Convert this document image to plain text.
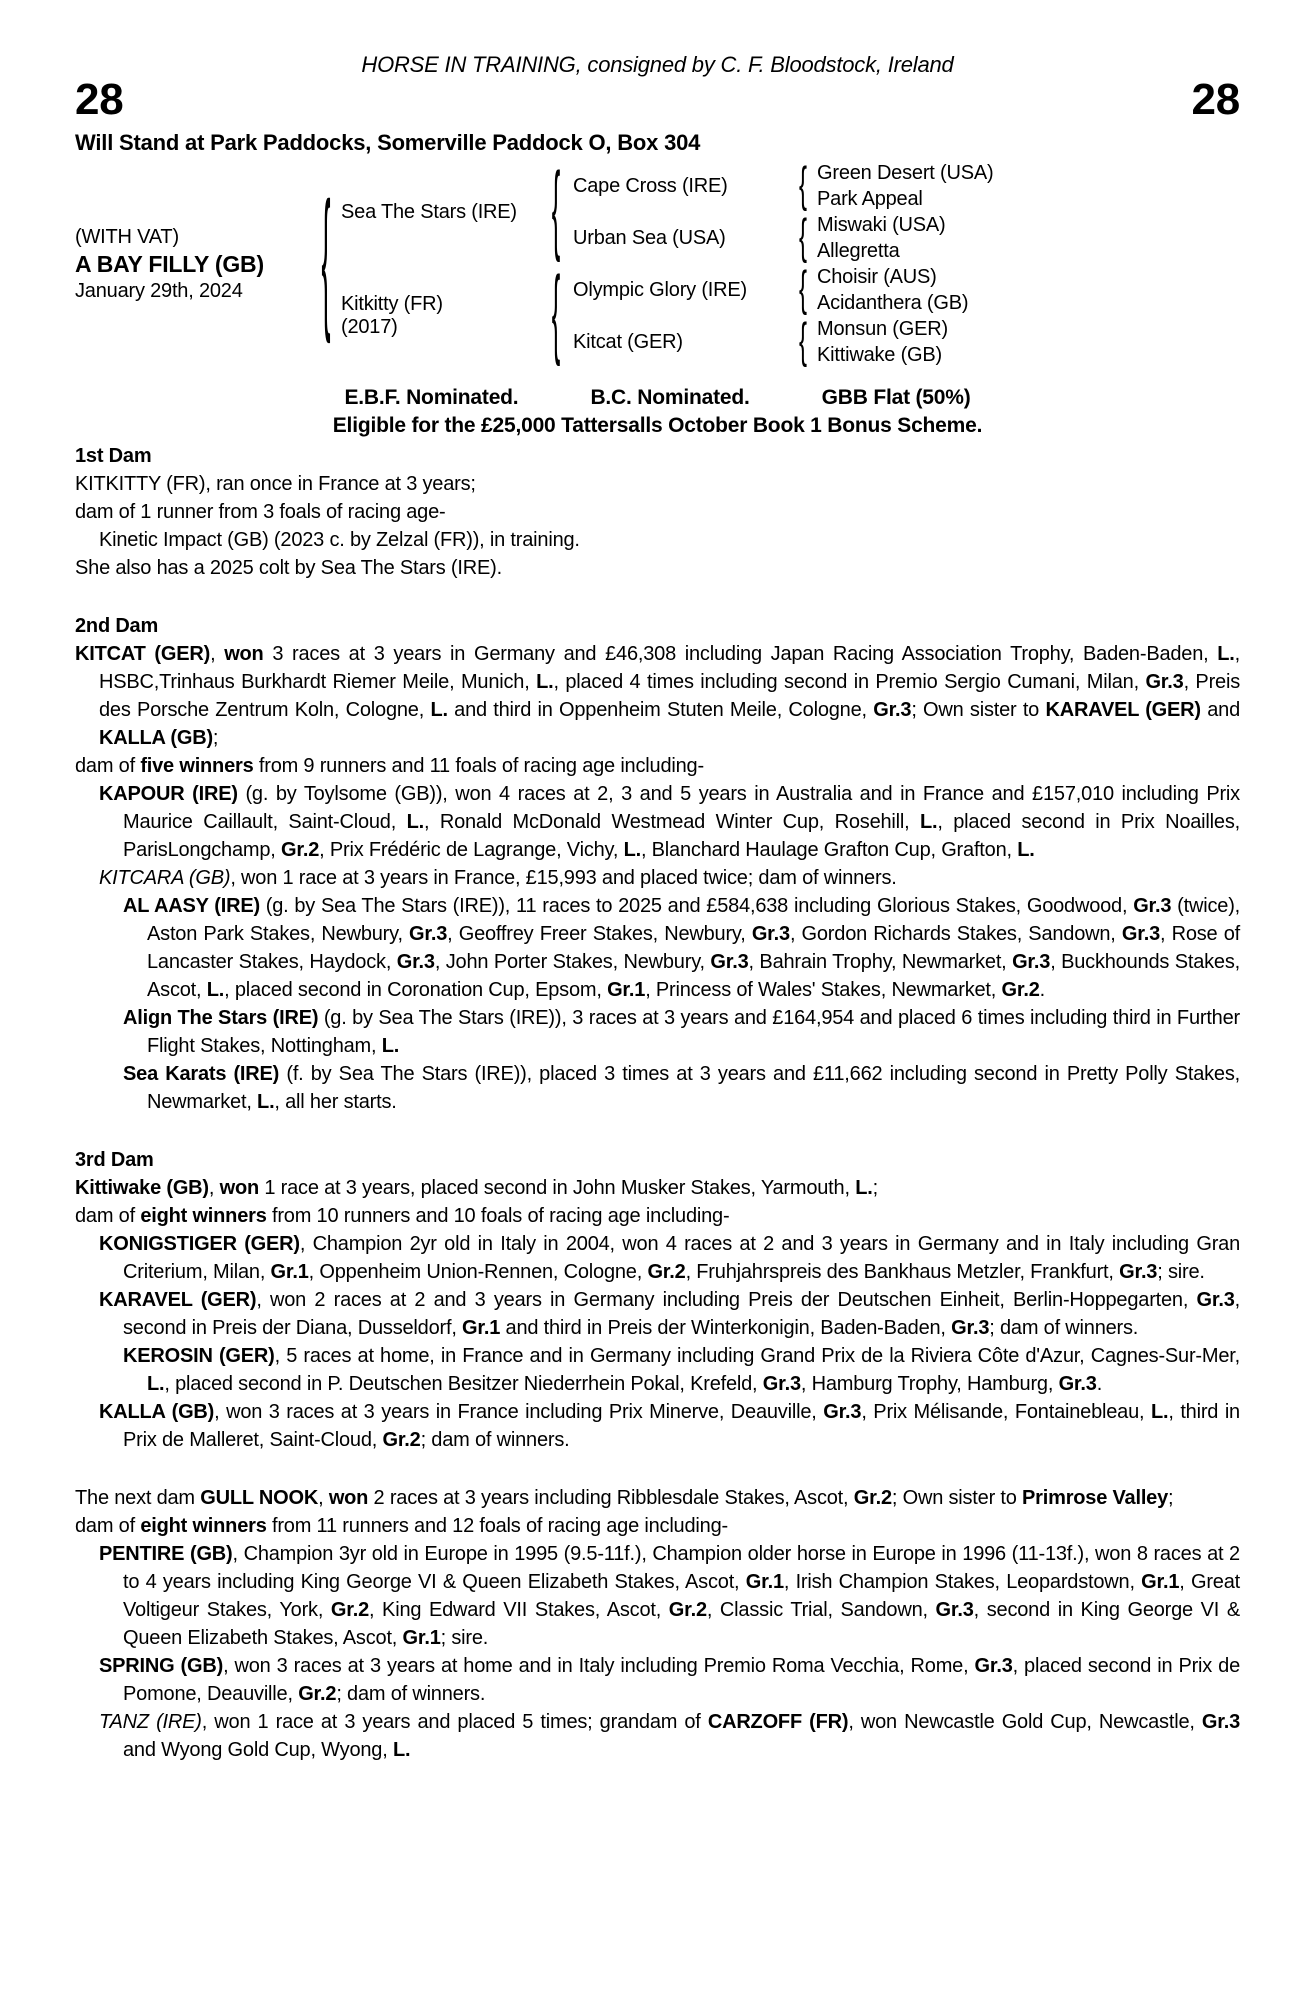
HORSE IN TRAINING, consigned by C. F. Bloodstock, Ireland
28	28
Will Stand at Park Paddocks, Somerville Paddock O, Box 304
(WITH VAT)
A BAY FILLY (GB)
January 29th, 2024	{ Sea The Stars (IRE)
Kitkitty (FR)
(2017)
{
{
Cape Cross (IRE)
Urban Sea (USA)
Olympic Glory (IRE)
Kitcat (GER)
{
{
{
{
Green Desert (USA)
Park Appeal
Miswaki (USA)
Allegretta
Choisir (AUS)
Acidanthera (GB)
Monsun (GER)
Kittiwake (GB)
E.B.F. Nominated.	B.C. Nominated.	GBB Flat (50%)
Eligible for the £25,000 Tattersalls October Book 1 Bonus Scheme.
1st Dam

KITKITTY (FR), ran once in France at 3 years;

dam of 1 runner from 3 foals of racing age-

Kinetic Impact (GB) (2023 c. by Zelzal (FR)), in training.

She also has a 2025 colt by Sea The Stars (IRE).

2nd Dam

KITCAT (GER), won 3 races at 3 years in Germany and £46,308 including Japan Racing Association Trophy, Baden-Baden, L., HSBC,Trinhaus Burkhardt Riemer Meile, Munich, L., placed 4 times including second in Premio Sergio Cumani, Milan, Gr.3, Preis des Porsche Zentrum Koln, Cologne, L. and third in Oppenheim Stuten Meile, Cologne, Gr.3; Own sister to KARAVEL (GER) and KALLA (GB);

dam of five winners from 9 runners and 11 foals of racing age including-

KAPOUR (IRE) (g. by Toylsome (GB)), won 4 races at 2, 3 and 5 years in Australia and in France and £157,010 including Prix Maurice Caillault, Saint-Cloud, L., Ronald McDonald Westmead Winter Cup, Rosehill, L., placed second in Prix Noailles, ParisLongchamp, Gr.2, Prix Frédéric de Lagrange, Vichy, L., Blanchard Haulage Grafton Cup, Grafton, L.

KITCARA (GB), won 1 race at 3 years in France, £15,993 and placed twice; dam of winners.

AL AASY (IRE) (g. by Sea The Stars (IRE)), 11 races to 2025 and £584,638 including Glorious Stakes, Goodwood, Gr.3 (twice), Aston Park Stakes, Newbury, Gr.3, Geoffrey Freer Stakes, Newbury, Gr.3, Gordon Richards Stakes, Sandown, Gr.3, Rose of Lancaster Stakes, Haydock, Gr.3, John Porter Stakes, Newbury, Gr.3, Bahrain Trophy, Newmarket, Gr.3, Buckhounds Stakes, Ascot, L., placed second in Coronation Cup, Epsom, Gr.1, Princess of Wales' Stakes, Newmarket, Gr.2.

Align The Stars (IRE) (g. by Sea The Stars (IRE)), 3 races at 3 years and £164,954 and placed 6 times including third in Further Flight Stakes, Nottingham, L.

Sea Karats (IRE) (f. by Sea The Stars (IRE)), placed 3 times at 3 years and £11,662 including second in Pretty Polly Stakes, Newmarket, L., all her starts.

3rd Dam

Kittiwake (GB), won 1 race at 3 years, placed second in John Musker Stakes, Yarmouth, L.;

dam of eight winners from 10 runners and 10 foals of racing age including-

KONIGSTIGER (GER), Champion 2yr old in Italy in 2004, won 4 races at 2 and 3 years in Germany and in Italy including Gran Criterium, Milan, Gr.1, Oppenheim Union-Rennen, Cologne, Gr.2, Fruhjahrspreis des Bankhaus Metzler, Frankfurt, Gr.3; sire.

KARAVEL (GER), won 2 races at 2 and 3 years in Germany including Preis der Deutschen Einheit, Berlin-Hoppegarten, Gr.3, second in Preis der Diana, Dusseldorf, Gr.1 and third in Preis der Winterkonigin, Baden-Baden, Gr.3; dam of winners.

KEROSIN (GER), 5 races at home, in France and in Germany including Grand Prix de la Riviera Côte d'Azur, Cagnes-Sur-Mer, L., placed second in P. Deutschen Besitzer Niederrhein Pokal, Krefeld, Gr.3, Hamburg Trophy, Hamburg, Gr.3.

KALLA (GB), won 3 races at 3 years in France including Prix Minerve, Deauville, Gr.3, Prix Mélisande, Fontainebleau, L., third in Prix de Malleret, Saint-Cloud, Gr.2; dam of winners.

The next dam GULL NOOK, won 2 races at 3 years including Ribblesdale Stakes, Ascot, Gr.2; Own sister to Primrose Valley;

dam of eight winners from 11 runners and 12 foals of racing age including-

PENTIRE (GB), Champion 3yr old in Europe in 1995 (9.5-11f.), Champion older horse in Europe in 1996 (11-13f.), won 8 races at 2 to 4 years including King George VI & Queen Elizabeth Stakes, Ascot, Gr.1, Irish Champion Stakes, Leopardstown, Gr.1, Great Voltigeur Stakes, York, Gr.2, King Edward VII Stakes, Ascot, Gr.2, Classic Trial, Sandown, Gr.3, second in King George VI & Queen Elizabeth Stakes, Ascot, Gr.1; sire.

SPRING (GB), won 3 races at 3 years at home and in Italy including Premio Roma Vecchia, Rome, Gr.3, placed second in Prix de Pomone, Deauville, Gr.2; dam of winners.

TANZ (IRE), won 1 race at 3 years and placed 5 times; grandam of CARZOFF (FR), won Newcastle Gold Cup, Newcastle, Gr.3 and Wyong Gold Cup, Wyong, L.
